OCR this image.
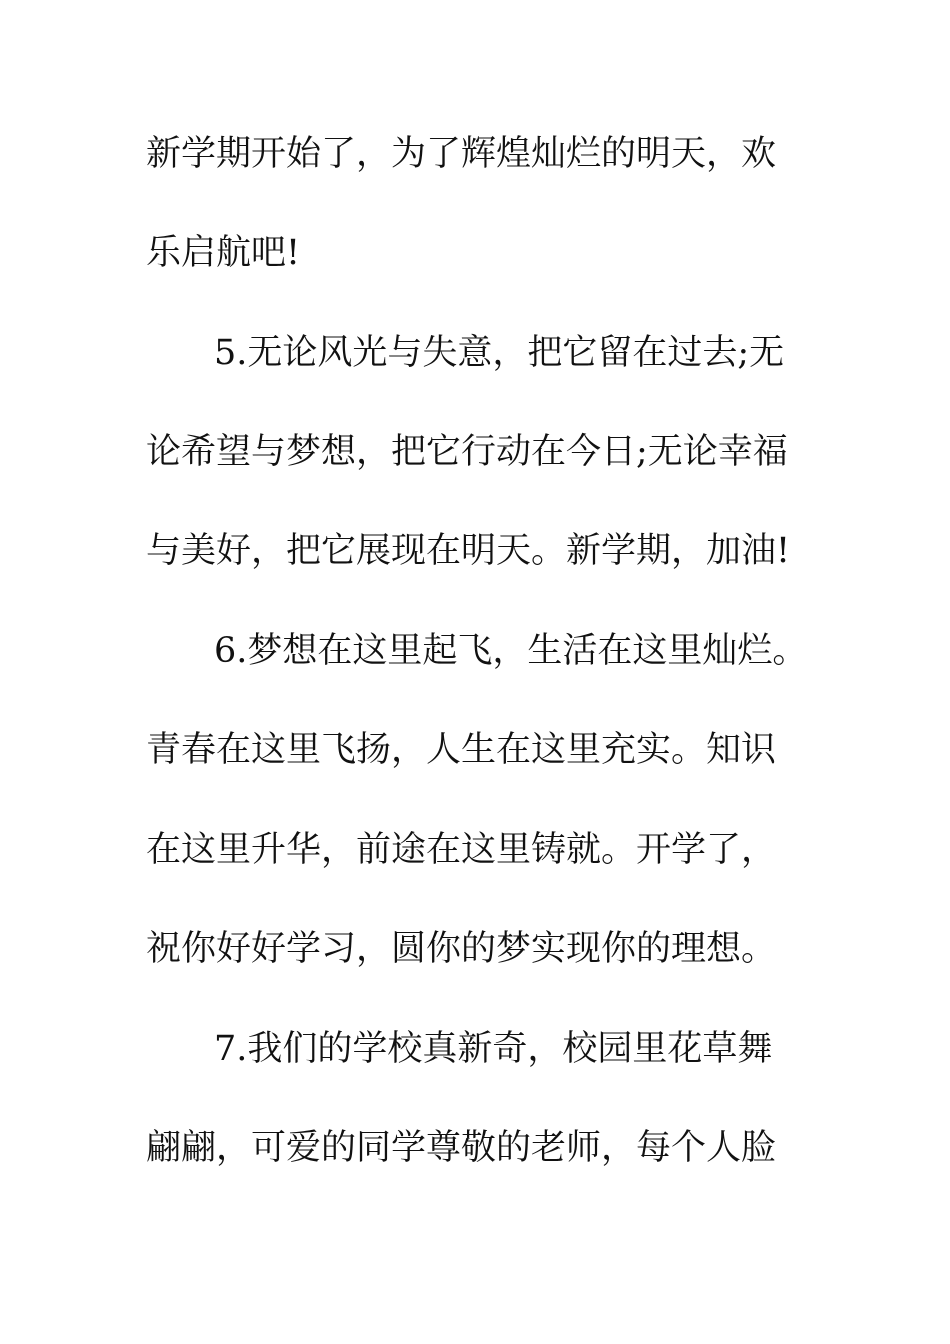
新学期开始了，为了辉煌灿烂的明天，欢
乐启航吧!
5.无论风光与失意，把它留在过去;无
论希望与梦想，把它行动在今日;无论幸福
与美好，把它展现在明天。新学期，加油!
6.梦想在这里起飞，生活在这里灿烂。
青春在这里飞扬，人生在这里充实。知识
在这里升华，前途在这里铸就。开学了，
祝你好好学习，圆你的梦实现你的理想。
7.我们的学校真新奇，校园里花草舞
翩翩，可爱的同学尊敬的老师，每个人脸
